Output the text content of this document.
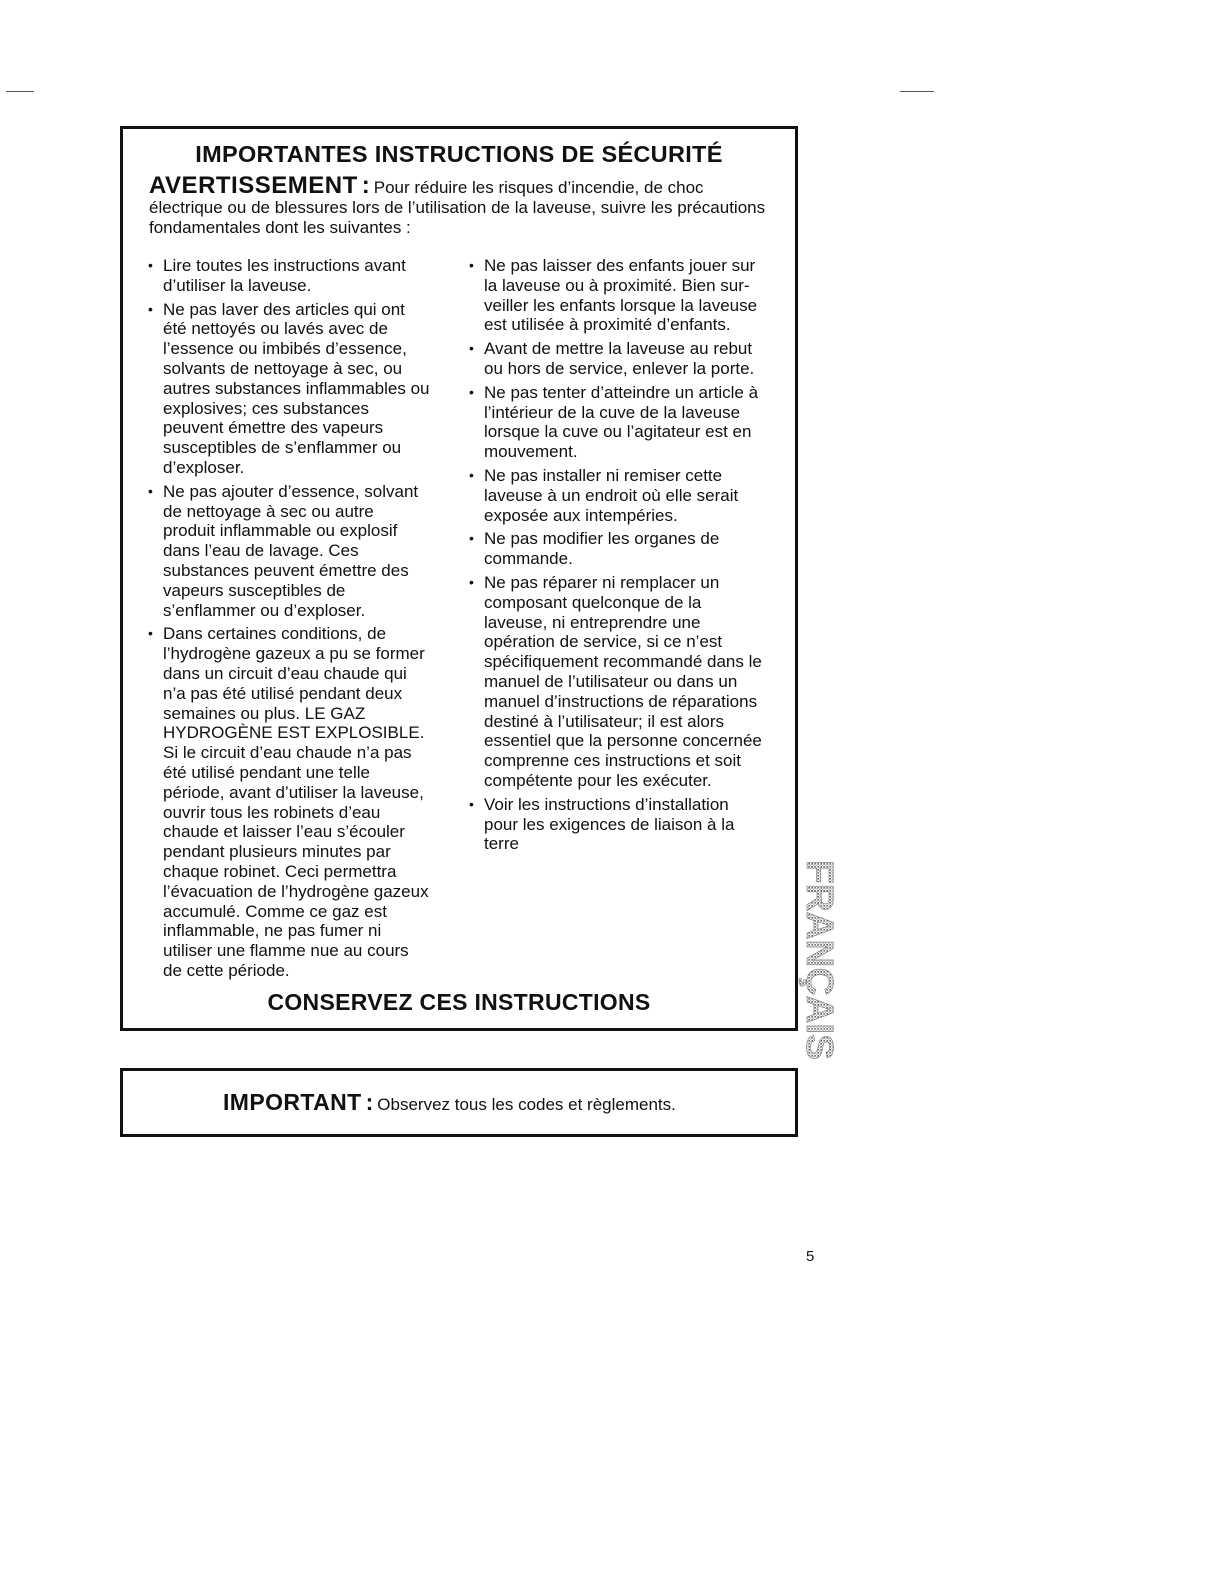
IMPORTANTES INSTRUCTIONS DE SÉCURITÉ
AVERTISSEMENT : Pour réduire les risques d’incendie, de choc électrique ou de blessures lors de l’utilisation de la laveuse, suivre les précautions fondamentales dont les suivantes :
• Lire toutes les instructions avant
d’utiliser la laveuse.
• Ne pas laver des articles qui ont
été nettoyés ou lavés avec de
l’essence ou imbibés d’essence,
solvants de nettoyage à sec, ou
autres substances inflammables ou
explosives; ces substances
peuvent émettre des vapeurs
susceptibles de s’enflammer ou
d’exploser.
• Ne pas ajouter d’essence, solvant
de nettoyage à sec ou autre
produit inflammable ou explosif
dans l’eau de lavage. Ces
substances peuvent émettre des
vapeurs susceptibles de
s’enflammer ou d’exploser.
• Dans certaines conditions, de
l’hydrogène gazeux a pu se former
dans un circuit d’eau chaude qui
n’a pas été utilisé pendant deux
semaines ou plus. LE GAZ
HYDROGÈNE EST EXPLOSIBLE.
Si le circuit d’eau chaude n’a pas
été utilisé pendant une telle
période, avant d’utiliser la laveuse,
ouvrir tous les robinets d’eau
chaude et laisser l’eau s’écouler
pendant plusieurs minutes par
chaque robinet. Ceci permettra
l’évacuation de l’hydrogène gazeux
accumulé. Comme ce gaz est
inflammable, ne pas fumer ni
utiliser une flamme nue au cours
de cette période.
• Ne pas laisser des enfants jouer sur
la laveuse ou à proximité. Bien sur-
veiller les enfants lorsque la laveuse
est utilisée à proximité d’enfants.
• Avant de mettre la laveuse au rebut
ou hors de service, enlever la porte.
• Ne pas tenter d’atteindre un article à
l’intérieur de la cuve de la laveuse
lorsque la cuve ou l’agitateur est en
mouvement.
• Ne pas installer ni remiser cette
laveuse à un endroit où elle serait
exposée aux intempéries.
• Ne pas modifier les organes de
commande.
• Ne pas réparer ni remplacer un
composant quelconque de la
laveuse, ni entreprendre une
opération de service, si ce n’est
spécifiquement recommandé dans le
manuel de l’utilisateur ou dans un
manuel d’instructions de réparations
destiné à l’utilisateur; il est alors
essentiel que la personne concernée
comprenne ces instructions et soit
compétente pour les exécuter.
• Voir les instructions d’installation
pour les exigences de liaison à la
terre
CONSERVEZ CES INSTRUCTIONS
IMPORTANT : Observez tous les codes et règlements.
FRANÇAIS
5
